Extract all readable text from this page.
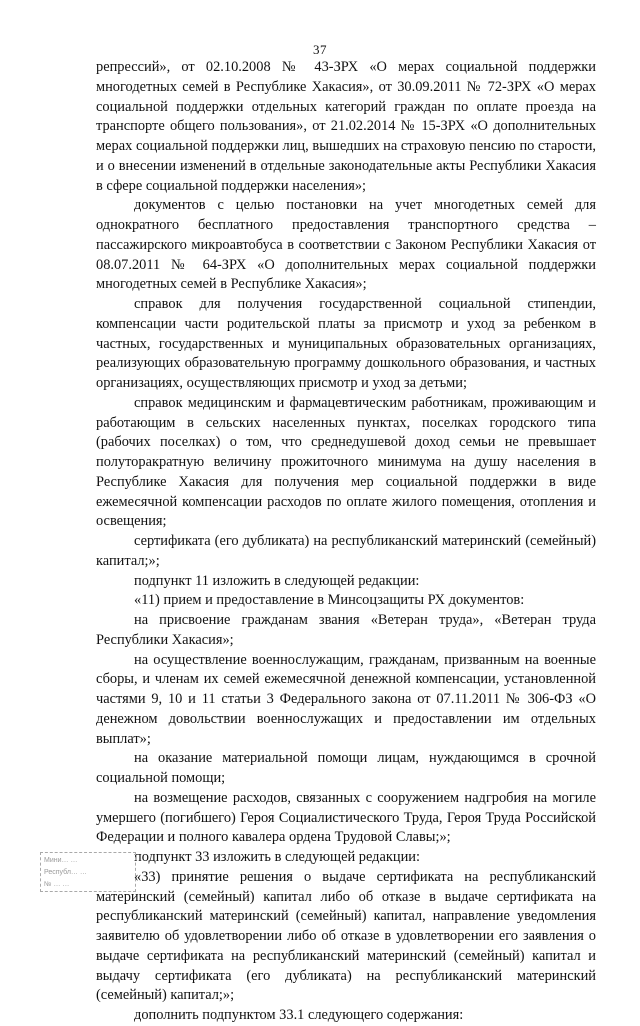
37

репрессий», от 02.10.2008 № 43-ЗРХ «О мерах социальной поддержки многодетных семей в Республике Хакасия», от 30.09.2011 № 72-ЗРХ «О мерах социальной поддержки отдельных категорий граждан по оплате проезда на транспорте общего пользования», от 21.02.2014 № 15-ЗРХ «О дополнительных мерах социальной поддержки лиц, вышедших на страховую пенсию по старости, и о внесении изменений в отдельные законодательные акты Республики Хакасия в сфере социальной поддержки населения»;

документов с целью постановки на учет многодетных семей для однократного бесплатного предоставления транспортного средства – пассажирского микроавтобуса в соответствии с Законом Республики Хакасия от 08.07.2011 № 64-ЗРХ «О дополнительных мерах социальной поддержки многодетных семей в Республике Хакасия»;

справок для получения государственной социальной стипендии, компенсации части родительской платы за присмотр и уход за ребенком в частных, государственных и муниципальных образовательных организациях, реализующих образовательную программу дошкольного образования, и частных организациях, осуществляющих присмотр и уход за детьми;

справок медицинским и фармацевтическим работникам, проживающим и работающим в сельских населенных пунктах, поселках городского типа (рабочих поселках) о том, что среднедушевой доход семьи не превышает полуторакратную величину прожиточного минимума на душу населения в Республике Хакасия для получения мер социальной поддержки в виде ежемесячной компенсации расходов по оплате жилого помещения, отопления и освещения;

сертификата (его дубликата) на республиканский материнский (семейный) капитал;»;

подпункт 11 изложить в следующей редакции:

«11) прием и предоставление в Минсоцзащиты РХ документов:

на присвоение гражданам звания «Ветеран труда», «Ветеран труда Республики Хакасия»;

на осуществление военнослужащим, гражданам, призванным на военные сборы, и членам их семей ежемесячной денежной компенсации, установленной частями 9, 10 и 11 статьи 3 Федерального закона от 07.11.2011 № 306-ФЗ «О денежном довольствии военнослужащих и предоставлении им отдельных выплат»;

на оказание материальной помощи лицам, нуждающимся в срочной социальной помощи;

на возмещение расходов, связанных с сооружением надгробия на могиле умершего (погибшего) Героя Социалистического Труда, Героя Труда Российской Федерации и полного кавалера ордена Трудовой Славы;»;

подпункт 33 изложить в следующей редакции:

«33) принятие решения о выдаче сертификата на республиканский материнский (семейный) капитал либо об отказе в выдаче сертификата на республиканский материнский (семейный) капитал, направление уведомления заявителю об удовлетворении либо об отказе в удовлетворении его заявления о выдаче сертификата на республиканский материнский (семейный) капитал и выдачу сертификата (его дубликата) на республиканский материнский (семейный) капитал;»;

дополнить подпунктом 33.1 следующего содержания:

Мини… …
Республ… …
№ … …
